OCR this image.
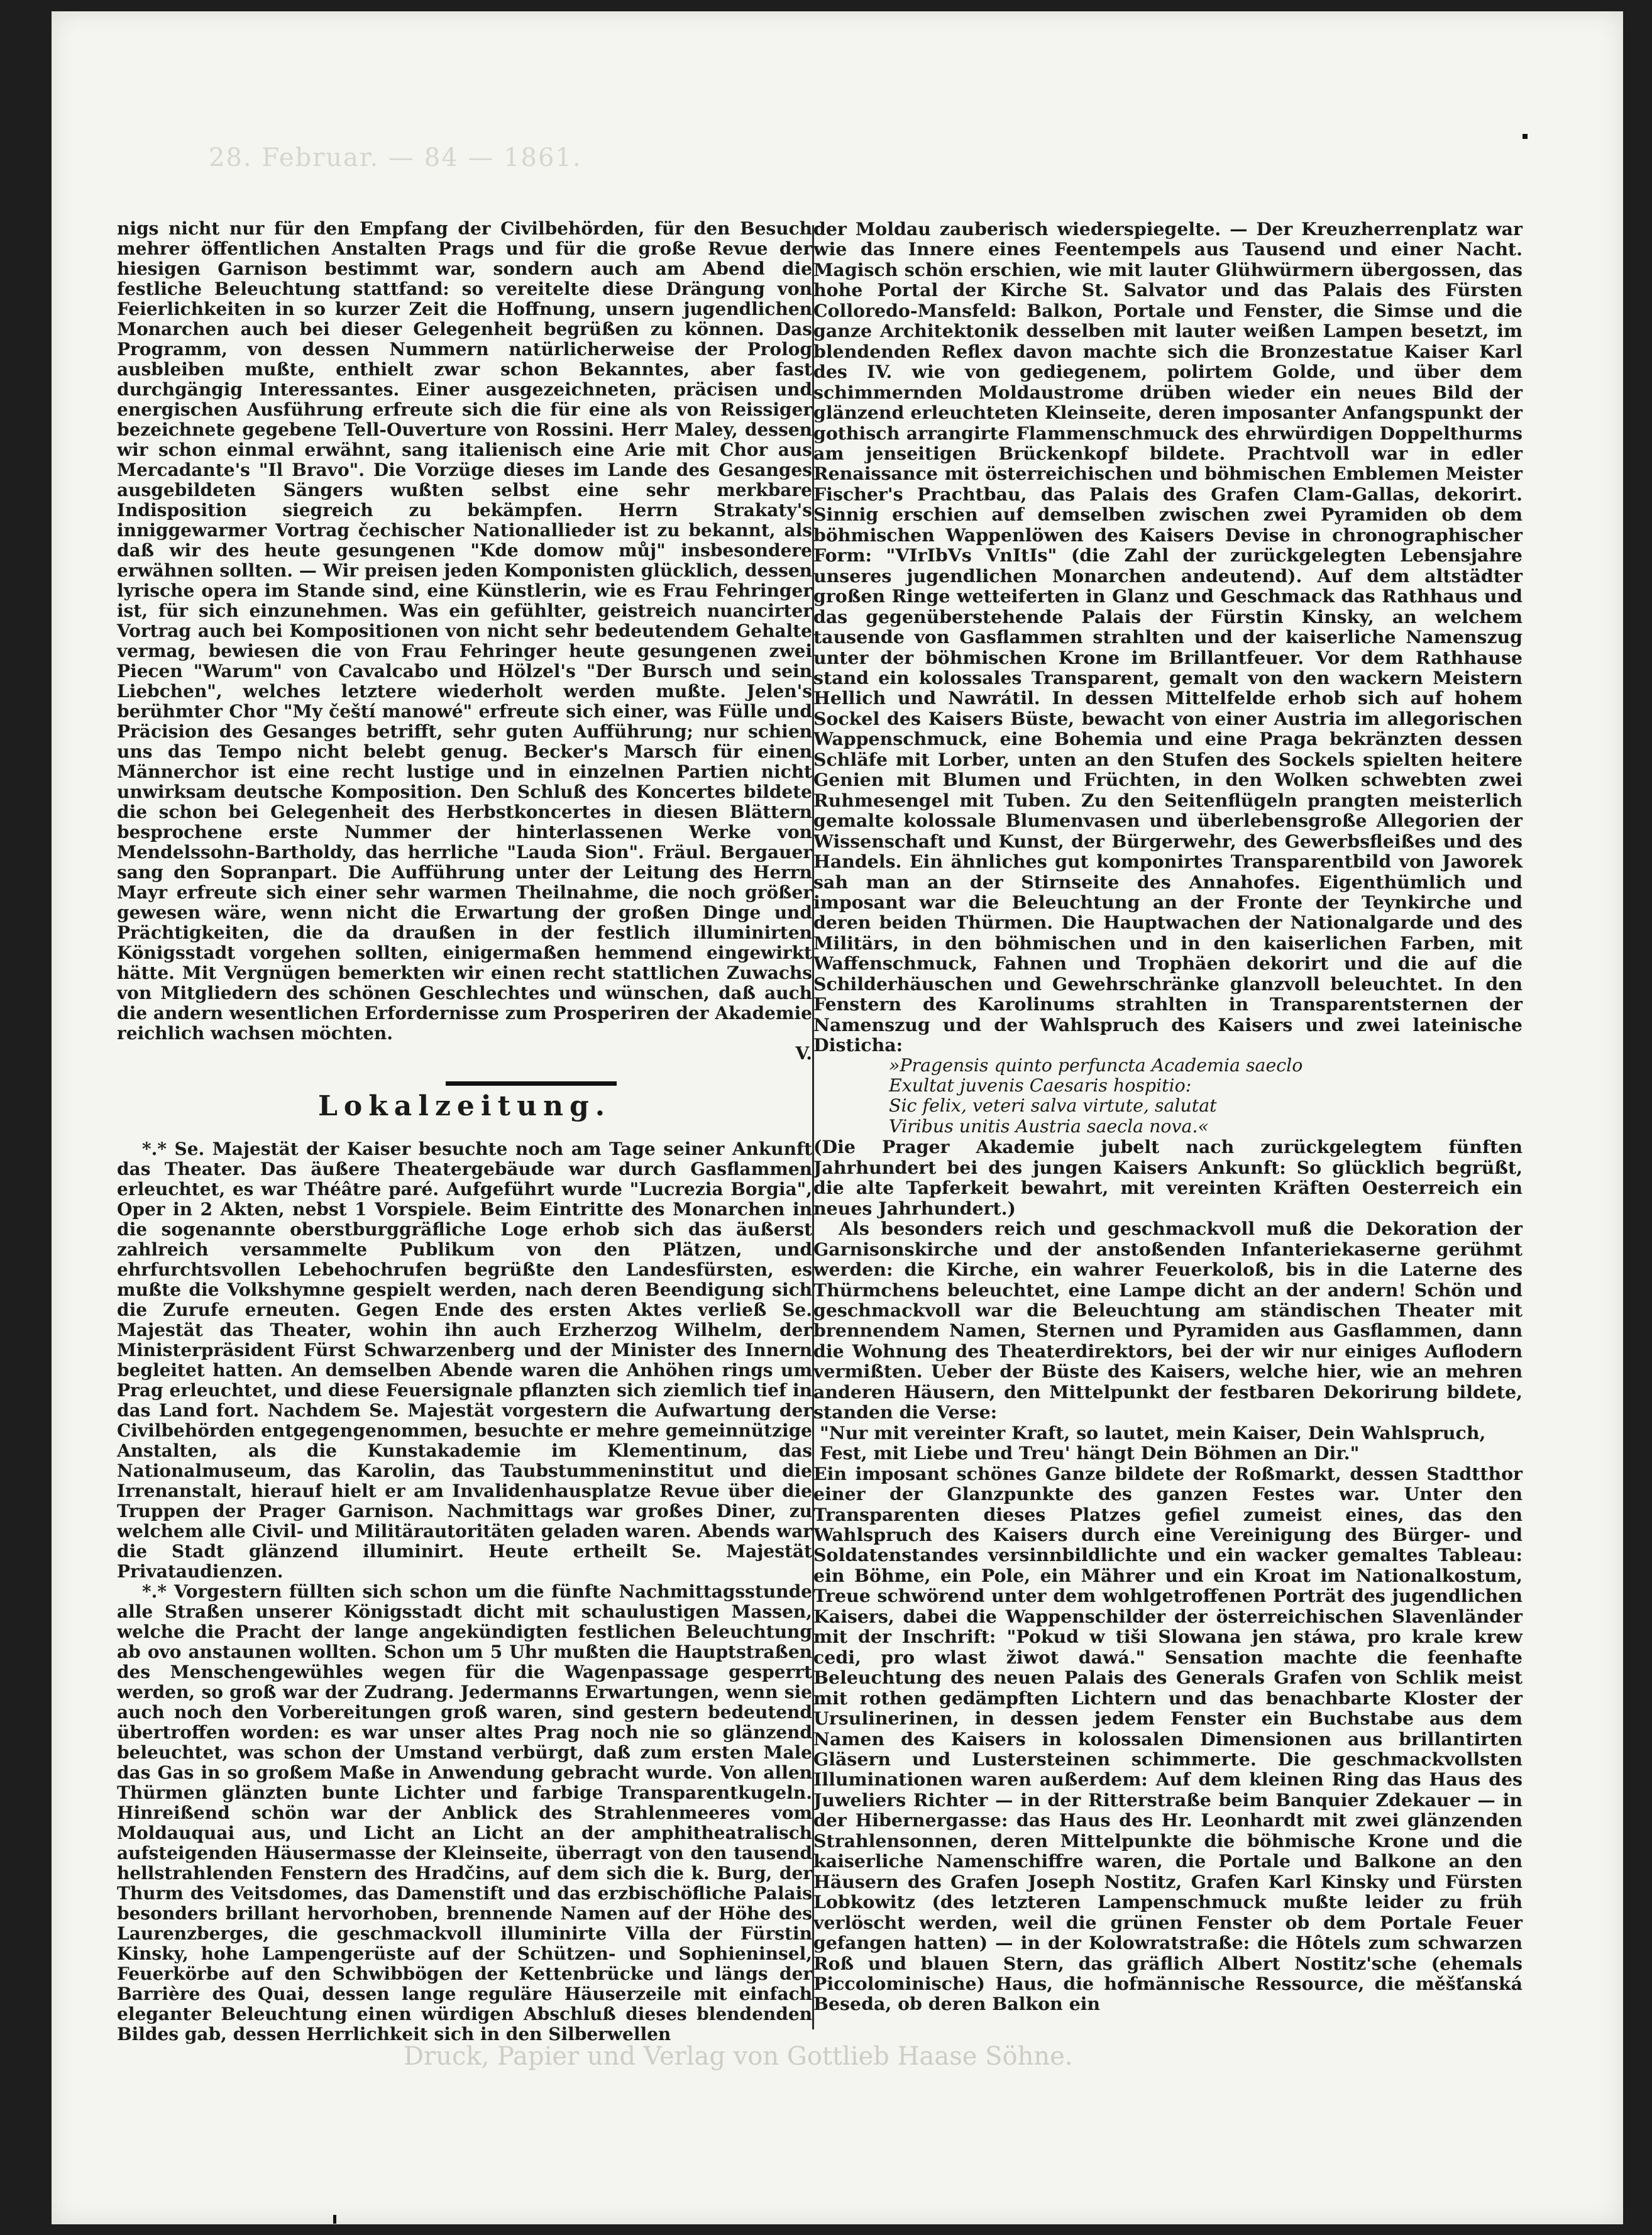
28. Februar. — 84 — 1861.

nigs nicht nur für den Empfang der Civilbehörden, für den Besuch mehrer öffentlichen Anstalten Prags und für die große Revue der hiesigen Garnison bestimmt war, sondern auch am Abend die festliche Beleuchtung stattfand: so vereitelte diese Drängung von Feierlichkeiten in so kurzer Zeit die Hoffnung, unsern jugendlichen Monarchen auch bei dieser Gelegenheit begrüßen zu können. Das Programm, von dessen Nummern natürlicherweise der Prolog ausbleiben mußte, enthielt zwar schon Bekanntes, aber fast durchgängig Interessantes. Einer ausgezeichneten, präcisen und energischen Ausführung erfreute sich die für eine als von Reissiger bezeichnete gegebene Tell-Ouverture von Rossini. Herr Maley, dessen wir schon einmal erwähnt, sang italienisch eine Arie mit Chor aus Mercadante's "Il Bravo". Die Vorzüge dieses im Lande des Gesanges ausgebildeten Sängers wußten selbst eine sehr merkbare Indisposition siegreich zu bekämpfen. Herrn Strakaty's inniggewarmer Vortrag čechischer Nationallieder ist zu bekannt, als daß wir des heute gesungenen "Kde domow můj" insbesondere erwähnen sollten. — Wir preisen jeden Komponisten glücklich, dessen lyrische opera im Stande sind, eine Künstlerin, wie es Frau Fehringer ist, für sich einzunehmen. Was ein gefühlter, geistreich nuancirter Vortrag auch bei Kompositionen von nicht sehr bedeutendem Gehalte vermag, bewiesen die von Frau Fehringer heute gesungenen zwei Piecen "Warum" von Cavalcabo und Hölzel's "Der Bursch und sein Liebchen", welches letztere wiederholt werden mußte. Jelen's berühmter Chor "My čeští manowé" erfreute sich einer, was Fülle und Präcision des Gesanges betrifft, sehr guten Aufführung; nur schien uns das Tempo nicht belebt genug. Becker's Marsch für einen Männerchor ist eine recht lustige und in einzelnen Partien nicht unwirksam deutsche Komposition. Den Schluß des Koncertes bildete die schon bei Gelegenheit des Herbstkoncertes in diesen Blättern besprochene erste Nummer der hinterlassenen Werke von Mendelssohn-Bartholdy, das herrliche "Lauda Sion". Fräul. Bergauer sang den Sopranpart. Die Aufführung unter der Leitung des Herrn Mayr erfreute sich einer sehr warmen Theilnahme, die noch größer gewesen wäre, wenn nicht die Erwartung der großen Dinge und Prächtigkeiten, die da draußen in der festlich illuminirten Königsstadt vorgehen sollten, einigermaßen hemmend eingewirkt hätte. Mit Vergnügen bemerkten wir einen recht stattlichen Zuwachs von Mitgliedern des schönen Geschlechtes und wünschen, daß auch die andern wesentlichen Erfordernisse zum Prosperiren der Akademie reichlich wachsen möchten.

V.

Lokalzeitung.

*.* Se. Majestät der Kaiser besuchte noch am Tage seiner Ankunft das Theater. Das äußere Theatergebäude war durch Gasflammen erleuchtet, es war Théâtre paré. Aufgeführt wurde "Lucrezia Borgia", Oper in 2 Akten, nebst 1 Vorspiele. Beim Eintritte des Monarchen in die sogenannte oberstburggräfliche Loge erhob sich das äußerst zahlreich versammelte Publikum von den Plätzen, und ehrfurchtsvollen Lebehochrufen begrüßte den Landesfürsten, es mußte die Volkshymne gespielt werden, nach deren Beendigung sich die Zurufe erneuten. Gegen Ende des ersten Aktes verließ Se. Majestät das Theater, wohin ihn auch Erzherzog Wilhelm, der Ministerpräsident Fürst Schwarzenberg und der Minister des Innern begleitet hatten. An demselben Abende waren die Anhöhen rings um Prag erleuchtet, und diese Feuersignale pflanzten sich ziemlich tief in das Land fort. Nachdem Se. Majestät vorgestern die Aufwartung der Civilbehörden entgegengenommen, besuchte er mehre gemeinnützige Anstalten, als die Kunstakademie im Klementinum, das Nationalmuseum, das Karolin, das Taubstummeninstitut und die Irrenanstalt, hierauf hielt er am Invalidenhausplatze Revue über die Truppen der Prager Garnison. Nachmittags war großes Diner, zu welchem alle Civil- und Militärautoritäten geladen waren. Abends war die Stadt glänzend illuminirt. Heute ertheilt Se. Majestät Privataudienzen.

*.* Vorgestern füllten sich schon um die fünfte Nachmittagsstunde alle Straßen unserer Königsstadt dicht mit schaulustigen Massen, welche die Pracht der lange angekündigten festlichen Beleuchtung ab ovo anstaunen wollten. Schon um 5 Uhr mußten die Hauptstraßen des Menschengewühles wegen für die Wagenpassage gesperrt werden, so groß war der Zudrang. Jedermanns Erwartungen, wenn sie auch noch den Vorbereitungen groß waren, sind gestern bedeutend übertroffen worden: es war unser altes Prag noch nie so glänzend beleuchtet, was schon der Umstand verbürgt, daß zum ersten Male das Gas in so großem Maße in Anwendung gebracht wurde. Von allen Thürmen glänzten bunte Lichter und farbige Transparentkugeln. Hinreißend schön war der Anblick des Strahlenmeeres vom Moldauquai aus, und Licht an Licht an der amphitheatralisch aufsteigenden Häusermasse der Kleinseite, überragt von den tausend hellstrahlenden Fenstern des Hradčins, auf dem sich die k. Burg, der Thurm des Veitsdomes, das Damenstift und das erzbischöfliche Palais besonders brillant hervorhoben, brennende Namen auf der Höhe des Laurenzberges, die geschmackvoll illuminirte Villa der Fürstin Kinsky, hohe Lampengerüste auf der Schützen- und Sophieninsel, Feuerkörbe auf den Schwibbögen der Kettenbrücke und längs der Barrière des Quai, dessen lange reguläre Häuserzeile mit einfach eleganter Beleuchtung einen würdigen Abschluß dieses blendenden Bildes gab, dessen Herrlichkeit sich in den Silberwellen

der Moldau zauberisch wiederspiegelte. — Der Kreuzherrenplatz war wie das Innere eines Feentempels aus Tausend und einer Nacht. Magisch schön erschien, wie mit lauter Glühwürmern übergossen, das hohe Portal der Kirche St. Salvator und das Palais des Fürsten Colloredo-Mansfeld: Balkon, Portale und Fenster, die Simse und die ganze Architektonik desselben mit lauter weißen Lampen besetzt, im blendenden Reflex davon machte sich die Bronzestatue Kaiser Karl des IV. wie von gediegenem, polirtem Golde, und über dem schimmernden Moldaustrome drüben wieder ein neues Bild der glänzend erleuchteten Kleinseite, deren imposanter Anfangspunkt der gothisch arrangirte Flammenschmuck des ehrwürdigen Doppelthurms am jenseitigen Brückenkopf bildete. Prachtvoll war in edler Renaissance mit österreichischen und böhmischen Emblemen Meister Fischer's Prachtbau, das Palais des Grafen Clam-Gallas, dekorirt. Sinnig erschien auf demselben zwischen zwei Pyramiden ob dem böhmischen Wappenlöwen des Kaisers Devise in chronographischer Form: "VIrIbVs VnItIs" (die Zahl der zurückgelegten Lebensjahre unseres jugendlichen Monarchen andeutend). Auf dem altstädter großen Ringe wetteiferten in Glanz und Geschmack das Rathhaus und das gegenüberstehende Palais der Fürstin Kinsky, an welchem tausende von Gasflammen strahlten und der kaiserliche Namenszug unter der böhmischen Krone im Brillantfeuer. Vor dem Rathhause stand ein kolossales Transparent, gemalt von den wackern Meistern Hellich und Nawrátil. In dessen Mittelfelde erhob sich auf hohem Sockel des Kaisers Büste, bewacht von einer Austria im allegorischen Wappenschmuck, eine Bohemia und eine Praga bekränzten dessen Schläfe mit Lorber, unten an den Stufen des Sockels spielten heitere Genien mit Blumen und Früchten, in den Wolken schwebten zwei Ruhmesengel mit Tuben. Zu den Seitenflügeln prangten meisterlich gemalte kolossale Blumenvasen und überlebensgroße Allegorien der Wissenschaft und Kunst, der Bürgerwehr, des Gewerbsfleißes und des Handels. Ein ähnliches gut komponirtes Transparentbild von Jaworek sah man an der Stirnseite des Annahofes. Eigenthümlich und imposant war die Beleuchtung an der Fronte der Teynkirche und deren beiden Thürmen. Die Hauptwachen der Nationalgarde und des Militärs, in den böhmischen und in den kaiserlichen Farben, mit Waffenschmuck, Fahnen und Trophäen dekorirt und die auf die Schilderhäuschen und Gewehrschränke glanzvoll beleuchtet. In den Fenstern des Karolinums strahlten in Transparentsternen der Namenszug und der Wahlspruch des Kaisers und zwei lateinische Disticha:

»Pragensis quinto perfuncta Academia saeclo

Exultat juvenis Caesaris hospitio:

Sic felix, veteri salva virtute, salutat

Viribus unitis Austria saecla nova.«

(Die Prager Akademie jubelt nach zurückgelegtem fünften Jahrhundert bei des jungen Kaisers Ankunft: So glücklich begrüßt, die alte Tapferkeit bewahrt, mit vereinten Kräften Oesterreich ein neues Jahrhundert.)

Als besonders reich und geschmackvoll muß die Dekoration der Garnisonskirche und der anstoßenden Infanteriekaserne gerühmt werden: die Kirche, ein wahrer Feuerkoloß, bis in die Laterne des Thürmchens beleuchtet, eine Lampe dicht an der andern! Schön und geschmackvoll war die Beleuchtung am ständischen Theater mit brennendem Namen, Sternen und Pyramiden aus Gasflammen, dann die Wohnung des Theaterdirektors, bei der wir nur einiges Auflodern vermißten. Ueber der Büste des Kaisers, welche hier, wie an mehren anderen Häusern, den Mittelpunkt der festbaren Dekorirung bildete, standen die Verse:

"Nur mit vereinter Kraft, so lautet, mein Kaiser, Dein Wahlspruch, Fest, mit Liebe und Treu' hängt Dein Böhmen an Dir."

Ein imposant schönes Ganze bildete der Roßmarkt, dessen Stadtthor einer der Glanzpunkte des ganzen Festes war. Unter den Transparenten dieses Platzes gefiel zumeist eines, das den Wahlspruch des Kaisers durch eine Vereinigung des Bürger- und Soldatenstandes versinnbildlichte und ein wacker gemaltes Tableau: ein Böhme, ein Pole, ein Mährer und ein Kroat im Nationalkostum, Treue schwörend unter dem wohlgetroffenen Porträt des jugendlichen Kaisers, dabei die Wappenschilder der österreichischen Slavenländer mit der Inschrift: "Pokud w tiši Slowana jen stáwa, pro krale krew cedi, pro wlast žiwot dawá." Sensation machte die feenhafte Beleuchtung des neuen Palais des Generals Grafen von Schlik meist mit rothen gedämpften Lichtern und das benachbarte Kloster der Ursulinerinen, in dessen jedem Fenster ein Buchstabe aus dem Namen des Kaisers in kolossalen Dimensionen aus brillantirten Gläsern und Lustersteinen schimmerte. Die geschmackvollsten Illuminationen waren außerdem: Auf dem kleinen Ring das Haus des Juweliers Richter — in der Ritterstraße beim Banquier Zdekauer — in der Hibernergasse: das Haus des Hr. Leonhardt mit zwei glänzenden Strahlensonnen, deren Mittelpunkte die böhmische Krone und die kaiserliche Namenschiffre waren, die Portale und Balkone an den Häusern des Grafen Joseph Nostitz, Grafen Karl Kinsky und Fürsten Lobkowitz (des letzteren Lampenschmuck mußte leider zu früh verlöscht werden, weil die grünen Fenster ob dem Portale Feuer gefangen hatten) — in der Kolowratstraße: die Hôtels zum schwarzen Roß und blauen Stern, das gräflich Albert Nostitz'sche (ehemals Piccolominische) Haus, die hofmännische Ressource, die měšťanská Beseda, ob deren Balkon ein

Druck, Papier und Verlag von Gottlieb Haase Söhne.
